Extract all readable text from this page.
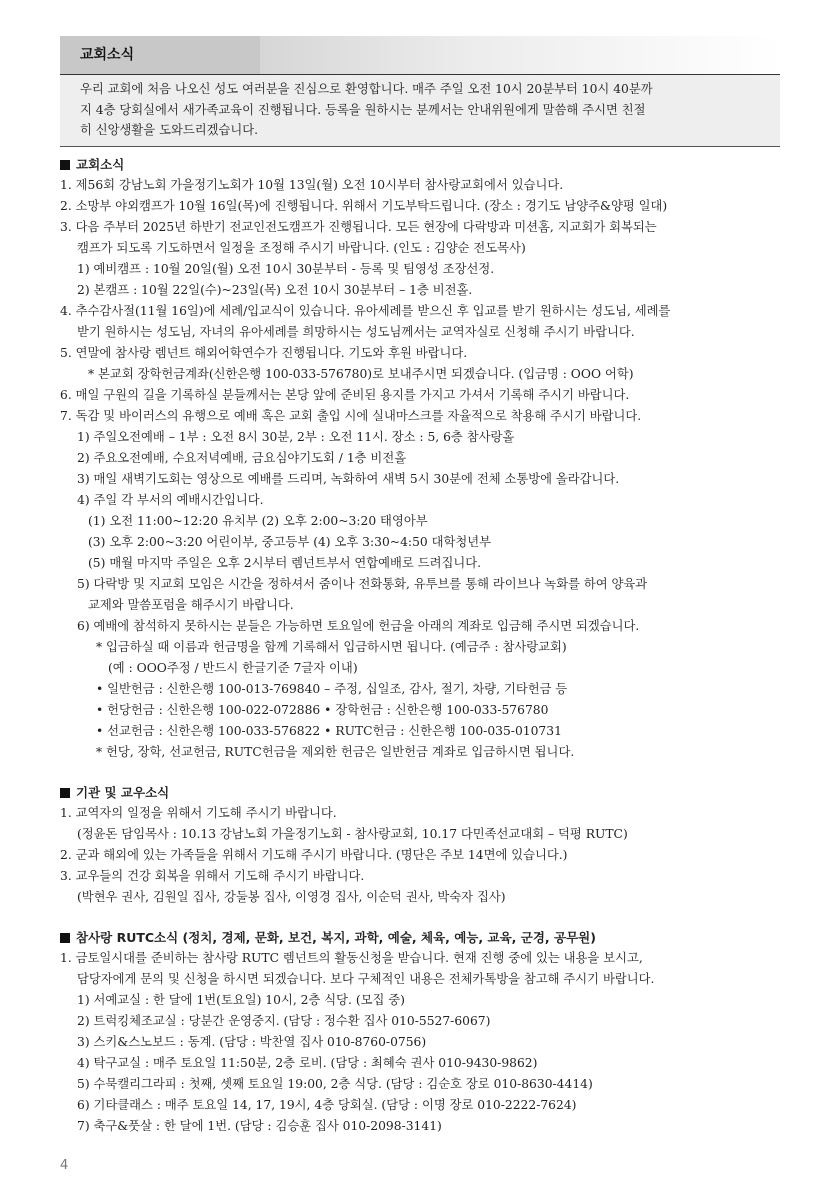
교회소식
우리 교회에 처음 나오신 성도 여러분을 진심으로 환영합니다. 매주 주일 오전 10시 20분부터 10시 40분까
지 4층 당회실에서 새가족교육이 진행됩니다. 등록을 원하시는 분께서는 안내위원에게 말씀해 주시면 친절
히 신앙생활을 도와드리겠습니다.
교회소식
1. 제56회 강남노회 가을정기노회가 10월 13일(월) 오전 10시부터 참사랑교회에서 있습니다.
2. 소망부 야외캠프가 10월 16일(목)에 진행됩니다. 위해서 기도부탁드립니다. (장소 : 경기도 남양주&양평 일대)
3. 다음 주부터 2025년 하반기 전교인전도캠프가 진행됩니다. 모든 현장에 다락방과 미션홈, 지교회가 회복되는
캠프가 되도록 기도하면서 일정을 조정해 주시기 바랍니다. (인도 : 김양순 전도목사)
1) 예비캠프 : 10월 20일(월) 오전 10시 30분부터 - 등록 및 팀영성 조장선정.
2) 본캠프 : 10월 22일(수)~23일(목) 오전 10시 30분부터 – 1층 비전홀.
4. 추수감사절(11월 16일)에 세례/입교식이 있습니다. 유아세례를 받으신 후 입교를 받기 원하시는 성도님, 세례를
받기 원하시는 성도님, 자녀의 유아세례를 희망하시는 성도님께서는 교역자실로 신청해 주시기 바랍니다.
5. 연말에 참사랑 렘넌트 해외어학연수가 진행됩니다. 기도와 후원 바랍니다.
* 본교회 장학헌금계좌(신한은행 100-033-576780)로 보내주시면 되겠습니다. (입금명 : OOO 어학)
6. 매일 구원의 길을 기록하실 분들께서는 본당 앞에 준비된 용지를 가지고 가셔서 기록해 주시기 바랍니다.
7. 독감 및 바이러스의 유행으로 예배 혹은 교회 출입 시에 실내마스크를 자율적으로 착용해 주시기 바랍니다.
1) 주일오전예배 – 1부 : 오전 8시 30분, 2부 : 오전 11시. 장소 : 5, 6층 참사랑홀
2) 주요오전예배, 수요저녁예배, 금요심야기도회 / 1층 비전홀
3) 매일 새벽기도회는 영상으로 예배를 드리며, 녹화하여 새벽 5시 30분에 전체 소통방에 올라갑니다.
4) 주일 각 부서의 예배시간입니다.
(1) 오전 11:00~12:20 유치부 (2) 오후 2:00~3:20 태영아부
(3) 오후 2:00~3:20 어린이부, 중고등부 (4) 오후 3:30~4:50 대학청년부
(5) 매월 마지막 주일은 오후 2시부터 렘넌트부서 연합예배로 드려집니다.
5) 다락방 및 지교회 모임은 시간을 정하셔서 줌이나 전화통화, 유투브를 통해 라이브나 녹화를 하여 양육과
교제와 말씀포럼을 해주시기 바랍니다.
6) 예배에 참석하지 못하시는 분들은 가능하면 토요일에 헌금을 아래의 계좌로 입금해 주시면 되겠습니다.
* 입금하실 때 이름과 헌금명을 함께 기록해서 입금하시면 됩니다. (예금주 : 참사랑교회)
(예 : OOO주정 / 반드시 한글기준 7글자 이내)
• 일반헌금 : 신한은행 100-013-769840 – 주정, 십일조, 감사, 절기, 차량, 기타헌금 등
• 헌당헌금 : 신한은행 100-022-072886 • 장학헌금 : 신한은행 100-033-576780
• 선교헌금 : 신한은행 100-033-576822 • RUTC헌금 : 신한은행 100-035-010731
* 헌당, 장학, 선교헌금, RUTC헌금을 제외한 헌금은 일반헌금 계좌로 입금하시면 됩니다.
기관 및 교우소식
1. 교역자의 일정을 위해서 기도해 주시기 바랍니다.
(정윤돈 담임목사 : 10.13 강남노회 가을정기노회 - 참사랑교회, 10.17 다민족선교대회 – 덕평 RUTC)
2. 군과 해외에 있는 가족들을 위해서 기도해 주시기 바랍니다. (명단은 주보 14면에 있습니다.)
3. 교우들의 건강 회복을 위해서 기도해 주시기 바랍니다.
(박현우 권사, 김원일 집사, 강둘봉 집사, 이영경 집사, 이순덕 권사, 박숙자 집사)
참사랑 RUTC소식 (정치, 경제, 문화, 보건, 복지, 과학, 예술, 체육, 예능, 교육, 군경, 공무원)
1. 금토일시대를 준비하는 참사랑 RUTC 렘넌트의 활동신청을 받습니다. 현재 진행 중에 있는 내용을 보시고,
담당자에게 문의 및 신청을 하시면 되겠습니다. 보다 구체적인 내용은 전체카톡방을 참고해 주시기 바랍니다.
1) 서예교실 : 한 달에 1번(토요일) 10시, 2층 식당. (모집 중)
2) 트럭킹체조교실 : 당분간 운영중지. (담당 : 정수환 집사 010-5527-6067)
3) 스키&스노보드 : 동계. (담당 : 박찬열 집사 010-8760-0756)
4) 탁구교실 : 매주 토요일 11:50분, 2층 로비. (담당 : 최혜숙 권사 010-9430-9862)
5) 수묵캘리그라피 : 첫째, 셋째 토요일 19:00, 2층 식당. (담당 : 김순호 장로 010-8630-4414)
6) 기타클래스 : 매주 토요일 14, 17, 19시, 4층 당회실. (담당 : 이명 장로 010-2222-7624)
7) 축구&풋살 : 한 달에 1번. (담당 : 김승훈 집사 010-2098-3141)
4
